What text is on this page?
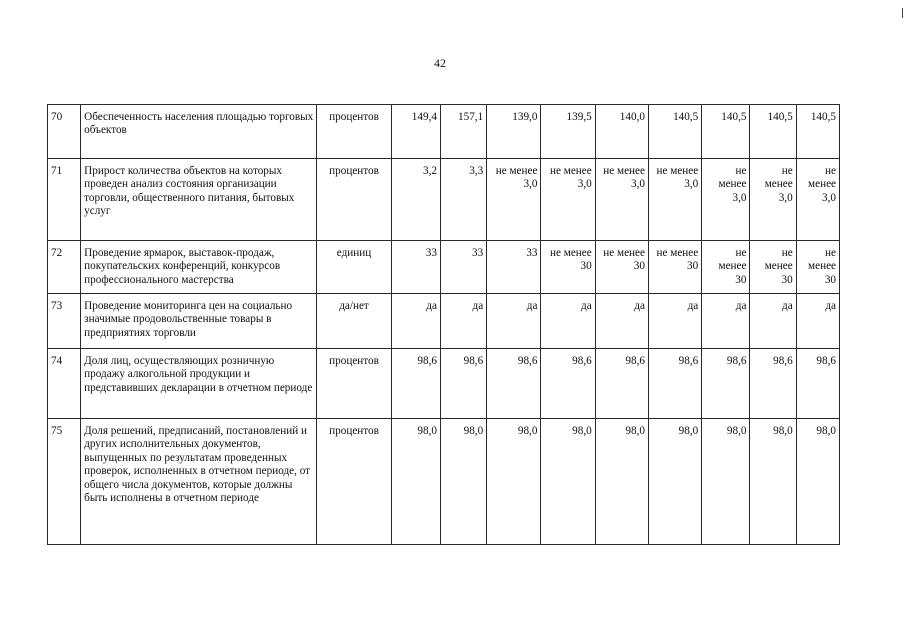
42
70	Обеспеченность населения площадью торговых объектов	процентов	149,4	157,1	139,0	139,5	140,0	140,5	140,5	140,5	140,5
71	Прирост количества объектов на которых проведен анализ состояния организации торговли, общественного питания, бытовых услуг	процентов	3,2	3,3	не менее 3,0	не менее 3,0	не менее 3,0	не менее 3,0	не менее 3,0	не менее 3,0	не менее 3,0
72	Проведение ярмарок, выставок-продаж, покупательских конференций, конкурсов профессионального мастерства	единиц	33	33	33	не менее 30	не менее 30	не менее 30	не менее 30	не менее 30	не менее 30
73	Проведение мониторинга цен на социально значимые продовольственные товары в предприятиях торговли	да/нет	да	да	да	да	да	да	да	да	да
74	Доля лиц, осуществляющих розничную продажу алкогольной продукции и представивших декларации в отчетном периоде	процентов	98,6	98,6	98,6	98,6	98,6	98,6	98,6	98,6	98,6
75	Доля решений, предписаний, постановлений и других исполнительных документов, выпущенных по результатам проведенных проверок, исполненных в отчетном периоде, от общего числа документов, которые должны быть исполнены в отчетном периоде	процентов	98,0	98,0	98,0	98,0	98,0	98,0	98,0	98,0	98,0
